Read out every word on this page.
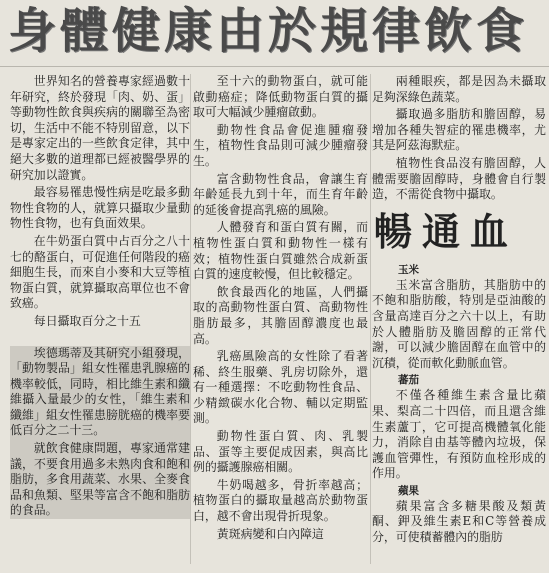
身體健康由於規律飲食

世界知名的營養專家經過數十年研究，終於發現「肉、奶、蛋」等動物性飲食與疾病的關聯至為密切，生活中不能不特別留意，以下是專家定出的一些飲食定律，其中絕大多數的道理都已經被醫學界的研究加以證實。

最容易罹患慢性病是吃最多動物性食物的人，就算只攝取少量動物性食物，也有負面效果。

在牛奶蛋白質中占百分之八十七的酪蛋白，可促進任何階段的癌細胞生長，而來自小麥和大豆等植物蛋白質，就算攝取高單位也不會致癌。

每日攝取百分之十五

埃德瑪蒂及其研究小組發現，「動物製品」組女性罹患乳腺癌的機率較低，同時，相比維生素和纖維攝入量最少的女性，「維生素和纖維」組女性罹患膀胱癌的機率要低百分之二十三。

就飲食健康問題，專家通常建議，不要食用過多未熟肉食和飽和脂肪，多食用蔬菜、水果、全麥食品和魚類、堅果等富含不飽和脂肪的食品。

至十六的動物蛋白，就可能啟動癌症；降低動物蛋白質的攝取可大幅減少腫瘤啟動。

動物性食品會促進腫瘤發生，植物性食品則可減少腫瘤發生。

富含動物性食品，會讓生育年齡延長九到十年，而生育年齡的延後會提高乳癌的風險。

人體發育和蛋白質有關，而植物性蛋白質和動物性一樣有效；植物性蛋白質雖然合成新蛋白質的速度較慢，但比較穩定。

飲食最西化的地區，人們攝取的高動物性蛋白質、高動物性脂肪最多，其膽固醇濃度也最高。

乳癌風險高的女性除了看著稀、終生服藥、乳房切除外，還有一種選擇：不吃動物性食品、少精緻碳水化合物、輔以定期監測。

動物性蛋白質、肉、乳製品、蛋等主要促成因素，與高比例的攝護腺癌相關。

牛奶喝越多，骨折率越高；植物蛋白的攝取量越高於動物蛋白，越不會出現骨折現象。

黃斑病變和白內障這

兩種眼疾，都是因為未攝取足夠深綠色蔬菜。

攝取過多脂肪和膽固醇，易增加各種失智症的罹患機率，尤其是阿茲海默症。

植物性食品沒有膽固醇，人體需要膽固醇時，身體會自行製造，不需從食物中攝取。

暢通血
玉米

玉米富含脂肪，其脂肪中的不飽和脂肪酸，特別是亞油酸的含量高達百分之六十以上，有助於人體脂肪及膽固醇的正常代謝，可以減少膽固醇在血管中的沉積，從而軟化動脈血管。

蕃茄

不僅各種維生素含量比蘋果、梨高二十四倍，而且還含維生素蘆丁，它可提高機體氧化能力，消除自由基等體內垃圾，保護血管彈性，有預防血栓形成的作用。

蘋果

蘋果富含多糖果酸及類黃酮、鉀及維生素E和C等營養成分，可使積蓄體內的脂肪
